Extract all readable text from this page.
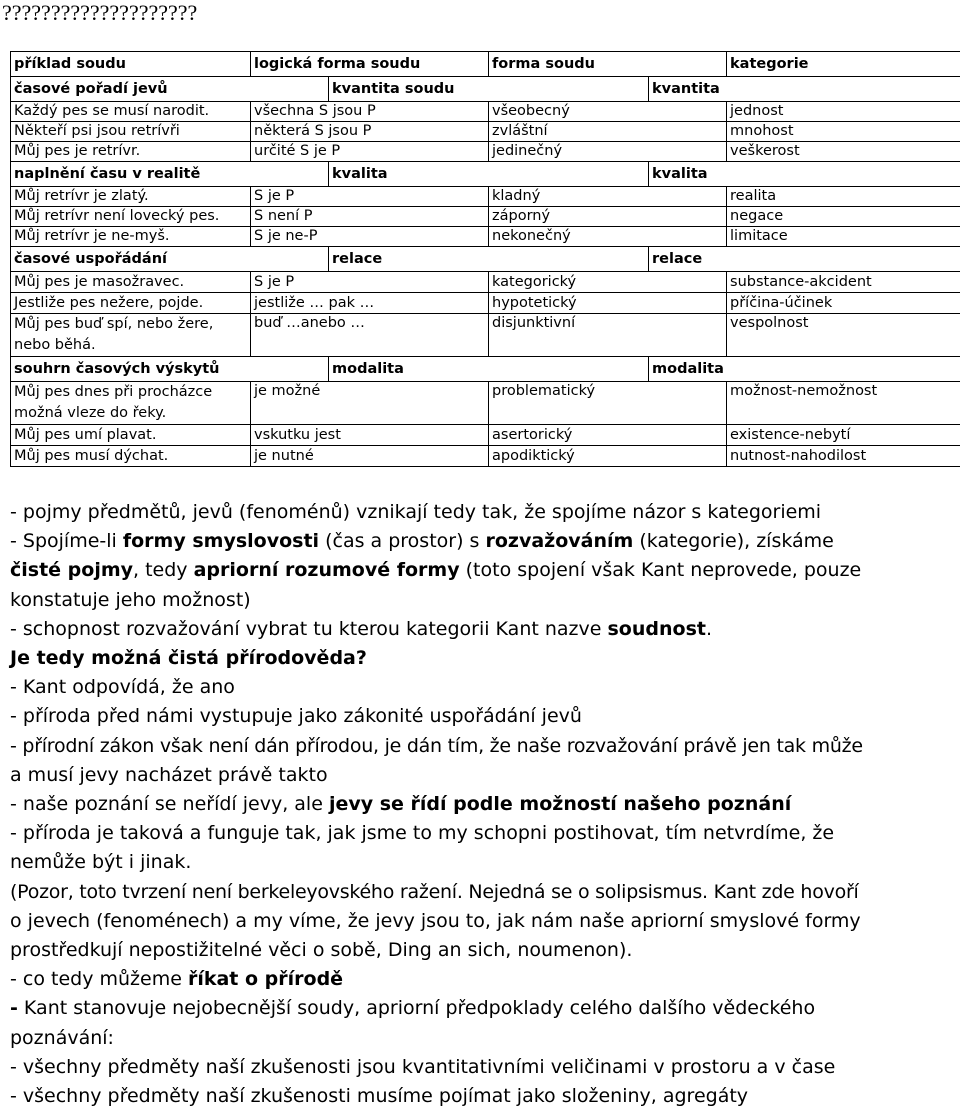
????????????????????
příklad soudu	logická forma soudu		forma soudu		kategorie
časové pořadí jevů		kvantita soudu		kvantita	
Každý pes se musí narodit.	všechna S jsou P		všeobecný		jednost
Někteří psi jsou retrívři	některá S jsou P		zvláštní		mnohost
Můj pes je retrívr.	určité S je P		jedinečný		veškerost
naplnění času v realitě		kvalita		kvalita	
Můj retrívr je zlatý.	S je P		kladný		realita
Můj retrívr není lovecký pes.	S není P		záporný		negace
Můj retrívr je ne-myš.	S je ne-P		nekonečný		limitace
časové uspořádání		relace		relace	
Můj pes je masožravec.	S je P		kategorický		substance-akcident
Jestliže pes nežere, pojde.	jestliže … pak …		hypotetický		příčina-účinek
Můj pes buď spí, nebo žere, nebo běhá.	buď …anebo …		disjunktivní		vespolnost
souhrn časových výskytů		modalita		modalita	
Můj pes dnes při procházce možná vleze do řeky.	je možné		problematický		možnost-nemožnost
Můj pes umí plavat.	vskutku jest		asertorický		existence-nebytí
Můj pes musí dýchat.	je nutné		apodiktický		nutnost-nahodilost

- pojmy předmětů, jevů (fenoménů) vznikají tedy tak, že spojíme názor s kategoriemi

- Spojíme-li formy smyslovosti (čas a prostor) s rozvažováním (kategorie), získáme

čisté pojmy, tedy apriorní rozumové formy (toto spojení však Kant neprovede, pouze

konstatuje jeho možnost)

- schopnost rozvažování vybrat tu kterou kategorii Kant nazve soudnost.

Je tedy možná čistá přírodověda?

- Kant odpovídá, že ano

- příroda před námi vystupuje jako zákonité uspořádání jevů

- přírodní zákon však není dán přírodou, je dán tím, že naše rozvažování právě jen tak může

a musí jevy nacházet právě takto

- naše poznání se neřídí jevy, ale jevy se řídí podle možností našeho poznání

- příroda je taková a funguje tak, jak jsme to my schopni postihovat, tím netvrdíme, že

nemůže být i jinak.

(Pozor, toto tvrzení není berkeleyovského ražení. Nejedná se o solipsismus. Kant zde hovoří

o jevech (fenoménech) a my víme, že jevy jsou to, jak nám naše apriorní smyslové formy

prostředkují nepostižitelné věci o sobě, Ding an sich, noumenon).

- co tedy můžeme říkat o přírodě

- Kant stanovuje nejobecnější soudy, apriorní předpoklady celého dalšího vědeckého

poznávání:

- všechny předměty naší zkušenosti jsou kvantitativními veličinami v prostoru a v čase

- všechny předměty naší zkušenosti musíme pojímat jako složeniny, agregáty
